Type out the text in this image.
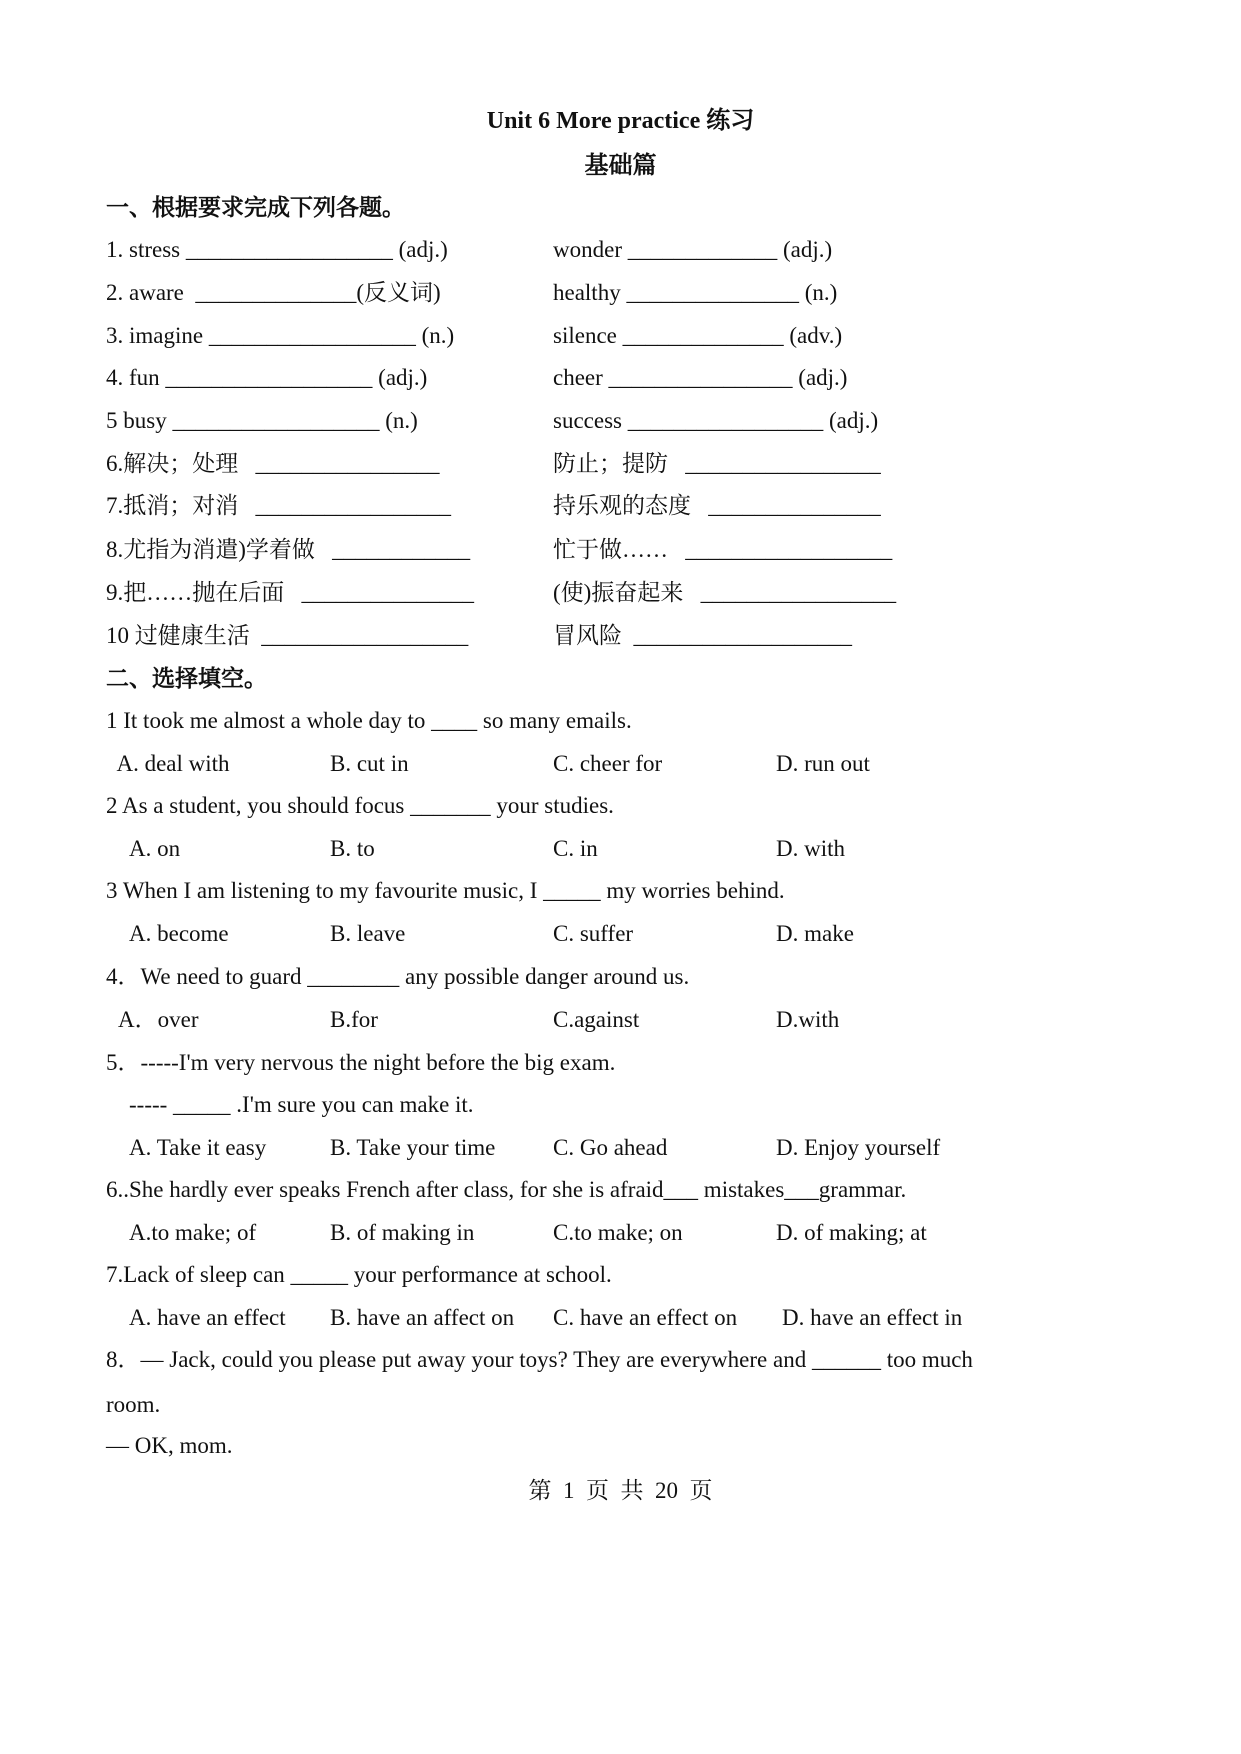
Unit 6 More practice 练习
基础篇
一、根据要求完成下列各题。
1. stress __________________ (adj.)	wonder _____________ (adj.)
2. aware  ______________(反义词)	healthy _______________ (n.)
3. imagine __________________ (n.)	silence ______________ (adv.)
4. fun __________________ (adj.)	cheer ________________ (adj.)
5 busy __________________ (n.)	success _________________ (adj.)
6.解决；处理   ________________	防止；提防   _________________
7.抵消；对消   _________________	持乐观的态度   _______________
8.尤指为消遣)学着做   ____________	忙于做……   __________________
9.把……抛在后面   _______________	(使)振奋起来   _________________
10 过健康生活  __________________	冒风险  ___________________
二、选择填空。
1 It took me almost a whole day to ____ so many emails.
A. deal with	B. cut in	C. cheer for	D. run out
2 As a student, you should focus _______ your studies.
A. on	B. to	C. in	D. with
3 When I am listening to my favourite music, I _____ my worries behind.
A. become	B. leave	C. suffer	D. make
4．We need to guard ________ any possible danger around us.
A．over	B.for	C.against	D.with
5．-----I'm very nervous the night before the big exam.
----- _____ .I'm sure you can make it.
A. Take it easy	B. Take your time	C. Go ahead	D. Enjoy yourself
6..She hardly ever speaks French after class, for she is afraid___ mistakes___grammar.
A.to make; of	B. of making in	C.to make; on	D. of making; at
7.Lack of sleep can _____ your performance at school.
A. have an effect B. have an affect on C. have an effect on D. have an effect in
8．— Jack, could you please put away your toys? They are everywhere and ______ too much
room.
— OK, mom.
第  1  页  共  20  页
